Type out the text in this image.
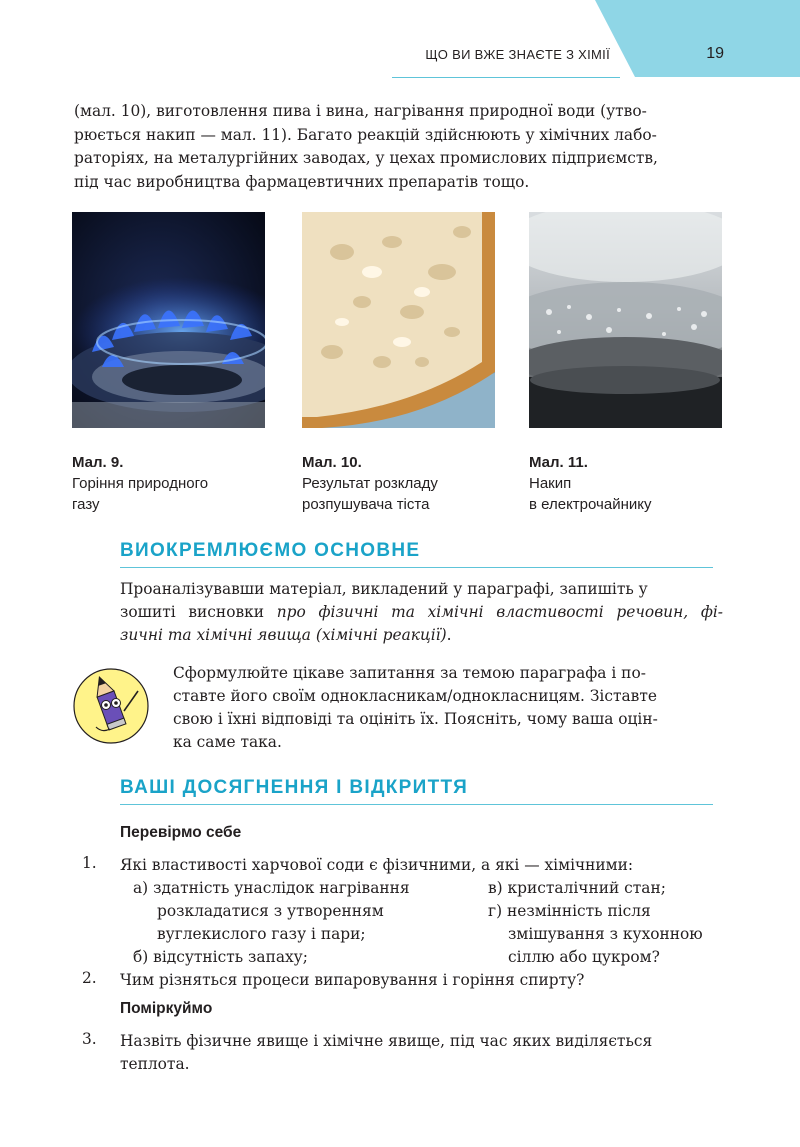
ЩО ВИ ВЖЕ ЗНАЄТЕ З ХІМІЇ	19
(мал. 10), виготовлення пива і вина, нагрівання природної води (утво-
рюється накип — мал. 11). Багато реакцій здійснюють у хімічних лабо-
раторіях, на металургійних заводах, у цехах промислових підприємств,
під час виробництва фармацевтичних препаратів тощо.
Мал. 9.
Горіння природного
газу
Мал. 10.
Результат розкладу
розпушувача тіста
Мал. 11.
Накип
в електрочайнику
ВИОКРЕМЛЮЄМО ОСНОВНЕ
Проаналізувавши матеріал, викладений у параграфі, запишіть у
зошиті висновки про фізичні та хімічні властивості речовин, фі-
зичні та хімічні явища (хімічні реакції).
Сформулюйте цікаве запитання за темою параграфа і по-
ставте його своїм однокласникам/однокласницям. Зіставте
свою і їхні відповіді та оцініть їх. Поясніть, чому ваша оцін-
ка саме така.
ВАШІ ДОСЯГНЕННЯ І ВІДКРИТТЯ
Перевірмо себе
1. Які властивості харчової соди є фізичними, а які — хімічними:
а) здатність унаслідок нагрівання
розкладатися з утворенням
вуглекислого газу і пари;
б) відсутність запаху;
в) кристалічний стан;
г) незмінність після
змішування з кухонною
сіллю або цукром?
2. Чим різняться процеси випаровування і горіння спирту?
Поміркуймо
3. Назвіть фізичне явище і хімічне явище, під час яких виділяється
теплота.
